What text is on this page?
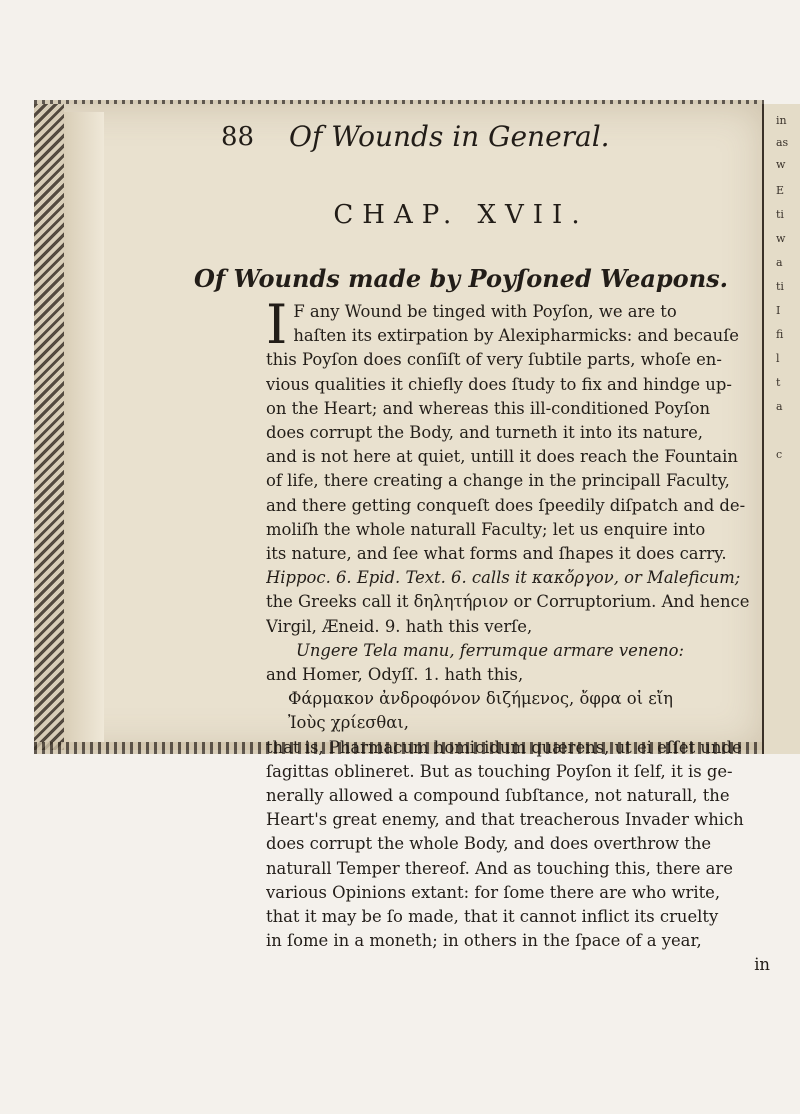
in
as
w
E
ti
w
a
ti
I
fi
l
t
a
c
88 Of Wounds in General.
CHAP. XVII.
Of Wounds made by Poyſoned Weapons.
I F any Wound be tinged with Poyſon, we are to
haſten its extirpation by Alexipharmicks: and becauſe
this Poyſon does conſiſt of very ſubtile parts, whoſe en-
vious qualities it chiefly does ſtudy to fix and hindge up-
on the Heart; and whereas this ill-conditioned Poyſon
does corrupt the Body, and turneth it into its nature,
and is not here at quiet, untill it does reach the Fountain
of life, there creating a change in the principall Faculty,
and there getting conqueſt does ſpeedily diſpatch and de-
moliſh the whole naturall Faculty; let us enquire into
its nature, and ſee what forms and ſhapes it does carry.
Hippoc. 6. Epid. Text. 6. calls it κακὄργον, or Maleficum;
the Greeks call it δηλητήριον or Corruptorium. And hence
Virgil, Æneid. 9. hath this verſe,
Ungere Tela manu, ferrumque armare veneno:
and Homer, Odyſſ. 1. hath this,
Φάρμακον ἀνδροφόνον διζήμενος, ὄφρα οἱ εἴη
Ἰοὺς χρίεσθαι,
that is, Pharmacum homicidum quærens, ut ei eſſet unde
ſagittas oblineret. But as touching Poyſon it ſelf, it is ge-
nerally allowed a compound ſubſtance, not naturall, the
Heart's great enemy, and that treacherous Invader which
does corrupt the whole Body, and does overthrow the
naturall Temper thereof. And as touching this, there are
various Opinions extant: for ſome there are who write,
that it may be ſo made, that it cannot inflict its cruelty
in ſome in a moneth; in others in the ſpace of a year,
in
